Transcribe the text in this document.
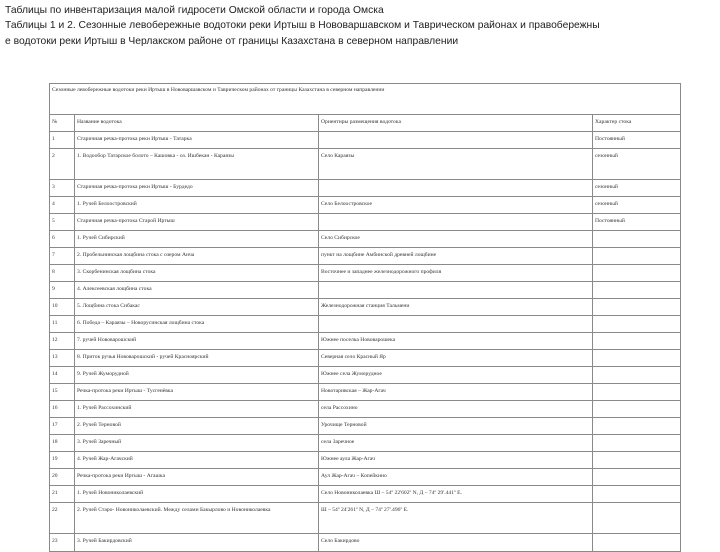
Таблицы по инвентаризация малой гидросети Омской области и города Омска
Таблицы 1 и 2. Сезонные левобережные водотоки реки Иртыш в Нововаршавском и Таврическом районах и правобережны
е водотоки реки Иртыш в Черлакском районе от границы Казахстана в северном направлении
Сезонные левобережные водотоки реки Иртыш в Нововаршавском и Таврическом районах от границы Казахстана в северном направлении			
№	Название водотока	Ориентиры размещения водотока	Характер стока
1	Старичная речка-протока реки Иртыш - Татарка		Постоянный
2	1. Водообор Татарское болото – Кашовка - оз. Ишбекан - Караязы	Село Караязы	сезонный
3	Старичная речка-протока реки Иртыш - Бурдедо		сезонный
4	1. Ручей Белоостровский	Село Белоостровское	сезонный
5	Старичная речка-протока Старой Иртыш		Постоянный
6	1. Ручей Сибирский	Село Сибирское	
7	2. Пробельнинская лощбина стока с озером Анча	пункт на лощбине Амбинской древней лощбине	
8	3. Скорбенинская лощбина стока	Восточнее и западнее железнодорожного профиля	
9	4. Алексеевская лощбина стока		
10	5. Лощбина стока Сибакас	Железнодорожная станция Тальмени	
11	6. Победа – Караязы – Новорусинская лощбина стока		
12	7. ручей Нововарошский	Южнее поселка Нововарошека	
13	8. Приток ручья Нововарошский - ручей Красноярский	Северная село Красный Яр	
14	9. Ручей Жуморудной	Южнее села Жуморудное	
15	Речка-протока реки Иртыш - Тусгенёвка	Новотаривская – Жар-Агач	
16	1. Ручей Рассохинский	села Рассохино	
17	2. Ручей Терновой	Урочище Терновой	
18	3. Ручей Заречный	села Заречное	
19	4. Ручей Жар-Агачский	Южнее аула Жар-Агач	
20	Речка-протока реки Иртыш - Агашка	Аул Жар-Агач – Копейкино	
21	1. Ручей Новониколаевский	Село Новониколаевка Ш – 54º 22'602º N, Д – 74º 29'.441º E.	
22	2. Ручей Старо- Новониколаевский. Между селами Бакырлово и Новониколаевка	Ш – 54º 24'261º N, Д – 74º 27'.496º E.	
23	3. Ручей Бакирдовский	Село Бакирдово	
